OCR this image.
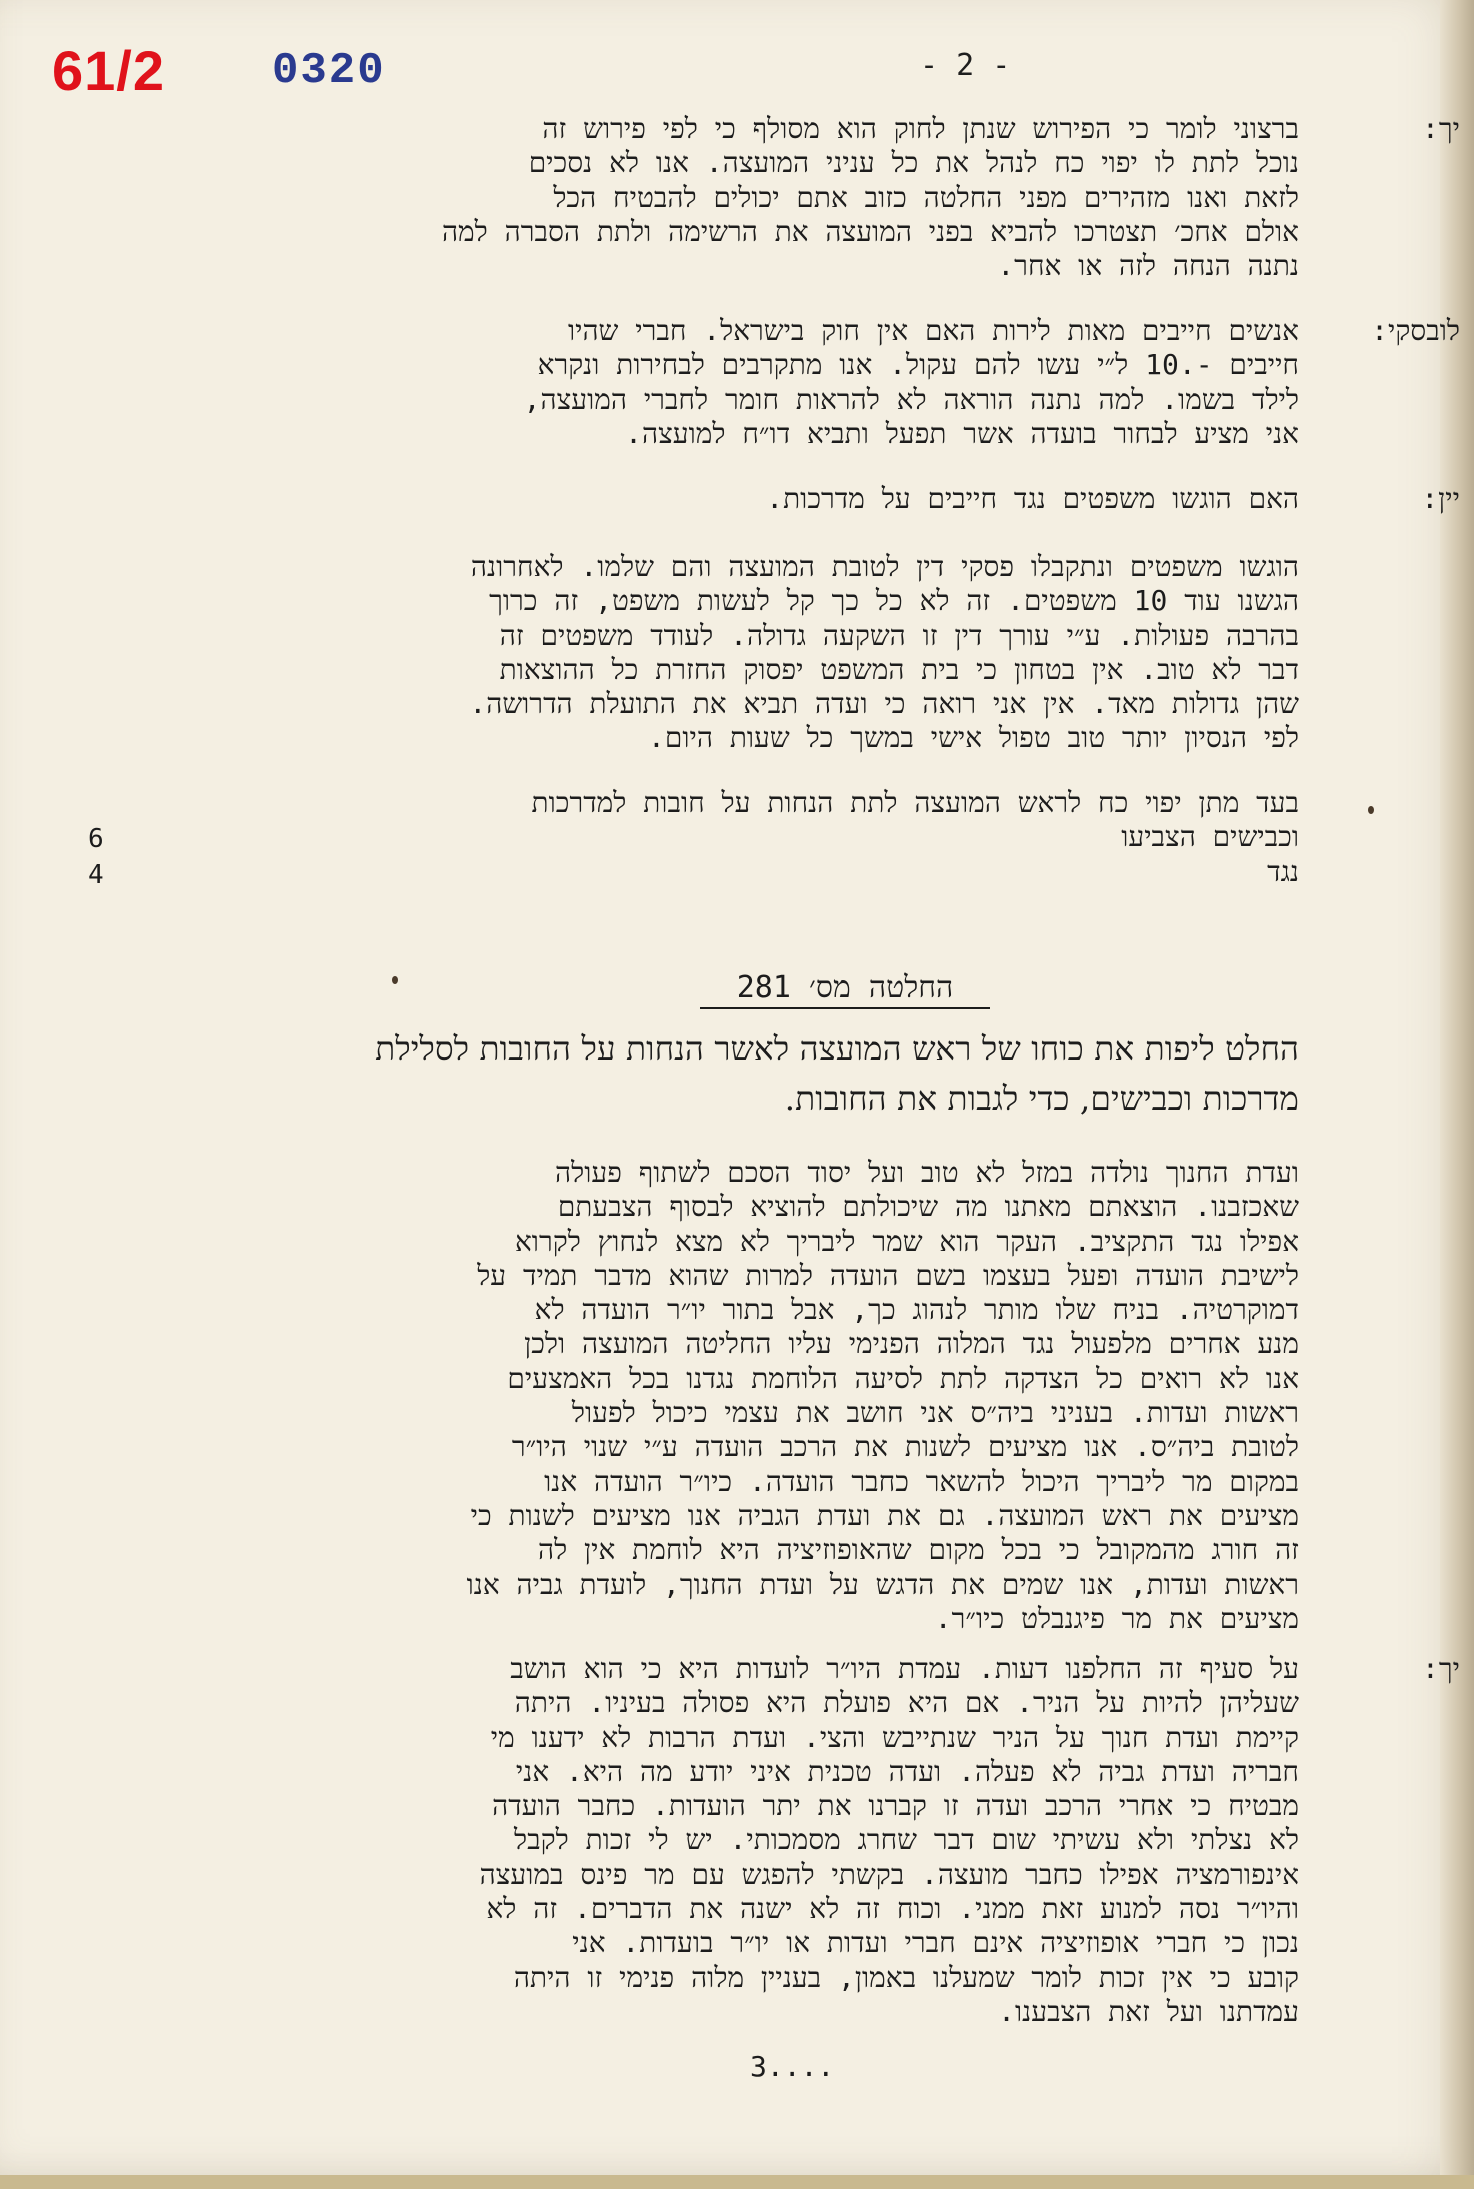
61/2 0320	- 2 -
יך:
לובסקי:
יין:
יך:
ברצוני לומר כי הפירוש שנתן לחוק הוא מסולף כי לפי פירוש זה
נוכל לתת לו יפוי כח לנהל את כל עניני המועצה. אנו לא נסכים
לזאת ואנו מזהירים מפני החלטה כזוב אתם יכולים להבטיח הכל
אולם אחכ׳ תצטרכו להביא בפני המועצה את הרשימה ולתת הסברה למה
נתנה הנחה לזה או אחר.
אנשים חייבים מאות לירות האם אין חוק בישראל. חברי שהיו
חייבים -.10 ל״י עשו להם עקול. אנו מתקרבים לבחירות ונקרא
לילד בשמו. למה נתנה הוראה לא להראות חומר לחברי המועצה,
אני מציע לבחור בועדה אשר תפעל ותביא דו״ח למועצה.
האם הוגשו משפטים נגד חייבים על מדרכות.
הוגשו משפטים ונתקבלו פסקי דין לטובת המועצה והם שלמו. לאחרונה
הגשנו עוד 10 משפטים. זה לא כל כך קל לעשות משפט, זה כרוך
בהרבה פעולות. ע״י עורך דין זו השקעה גדולה. לעודד משפטים זה
דבר לא טוב. אין בטחון כי בית המשפט יפסוק החזרת כל ההוצאות
שהן גדולות מאד. אין אני רואה כי ועדה תביא את התועלת הדרושה.
לפי הנסיון יותר טוב טפול אישי במשך כל שעות היום.
בעד מתן יפוי כח לראש המועצה לתת הנחות על חובות למדרכות
וכבישים הצביעו
נגד
6
4
החלטה מס׳ 281
החלט ליפות את כוחו של ראש המועצה לאשר הנחות על החובות לסלילת
מדרכות וכבישים, כדי לגבות את החובות.
ועדת החנוך נולדה במזל לא טוב ועל יסוד הסכם לשתוף פעולה
שאכזבנו. הוצאתם מאתנו מה שיכולתם להוציא לבסוף הצבעתם
אפילו נגד התקציב. העקר הוא שמר ליבריך לא מצא לנחוץ לקרוא
לישיבת הועדה ופעל בעצמו בשם הועדה למרות שהוא מדבר תמיד על
דמוקרטיה. בניח שלו מותר לנהוג כך, אבל בתור יו״ר הועדה לא
מנע אחרים מלפעול נגד המלוה הפנימי עליו החליטה המועצה ולכן
אנו לא רואים כל הצדקה לתת לסיעה הלוחמת נגדנו בכל האמצעים
ראשות ועדות. בעניני ביה״ס אני חושב את עצמי כיכול לפעול
לטובת ביה״ס. אנו מציעים לשנות את הרכב הועדה ע״י שנוי היו״ר
במקום מר ליבריך היכול להשאר כחבר הועדה. כיו״ר הועדה אנו
מציעים את ראש המועצה. גם את ועדת הגביה אנו מציעים לשנות כי
זה חורג מהמקובל כי בכל מקום שהאופוזיציה היא לוחמת אין לה
ראשות ועדות, אנו שמים את הדגש על ועדת החנוך, לועדת גביה אנו
מציעים את מר פיגנבלט כיו״ר.
על סעיף זה החלפנו דעות. עמדת היו״ר לועדות היא כי הוא הושב
שעליהן להיות על הניר. אם היא פועלת היא פסולה בעיניו. היתה
קיימת ועדת חנוך על הניר שנתייבש והצי. ועדת הרבות לא ידענו מי
חבריה ועדת גביה לא פעלה. ועדה טכנית איני יודע מה היא. אני
מבטיח כי אחרי הרכב ועדה זו קברנו את יתר הועדות. כחבר הועדה
לא נצלתי ולא עשיתי שום דבר שחרג מסמכותי. יש לי זכות לקבל
אינפורמציה אפילו כחבר מועצה. בקשתי להפגש עם מר פינס במועצה
והיו״ר נסה למנוע זאת ממני. וכוח זה לא ישנה את הדברים. זה לא
נכון כי חברי אופוזיציה אינם חברי ועדות או יו״ר בועדות. אני
קובע כי אין זכות לומר שמעלנו באמון, בעניין מלוה פנימי זו היתה
עמדתנו ועל זאת הצבענו.
3....
